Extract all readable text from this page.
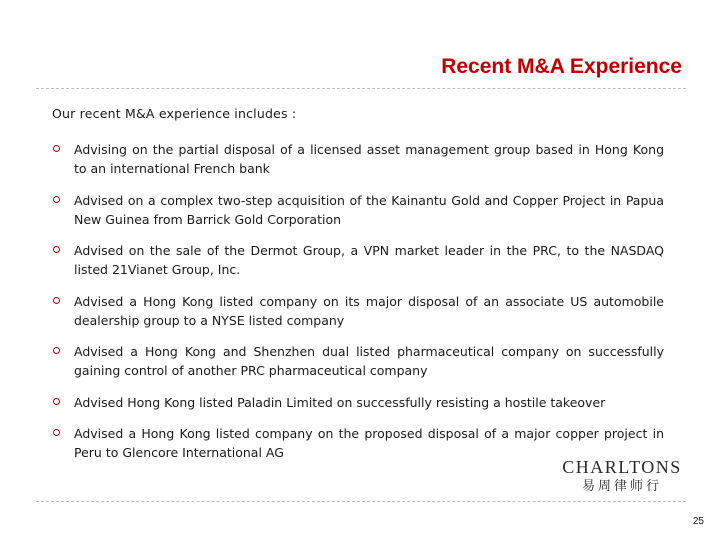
Recent M&A Experience
Our recent M&A experience includes :
Advising on the partial disposal of a licensed asset management group based in Hong Kong to an international French bank
Advised on a complex two-step acquisition of the Kainantu Gold and Copper Project in Papua New Guinea from Barrick Gold Corporation
Advised on the sale of the Dermot Group, a VPN market leader in the PRC, to the NASDAQ listed 21Vianet Group, Inc.
Advised a Hong Kong listed company on its major disposal of an associate US automobile dealership group to a NYSE listed company
Advised a Hong Kong and Shenzhen dual listed pharmaceutical company on successfully gaining control of another PRC pharmaceutical company
Advised Hong Kong listed Paladin Limited on successfully resisting a hostile takeover
Advised a Hong Kong listed company on the proposed disposal of a major copper project in Peru to Glencore International AG
CHARLTONS
易周律师行
25
